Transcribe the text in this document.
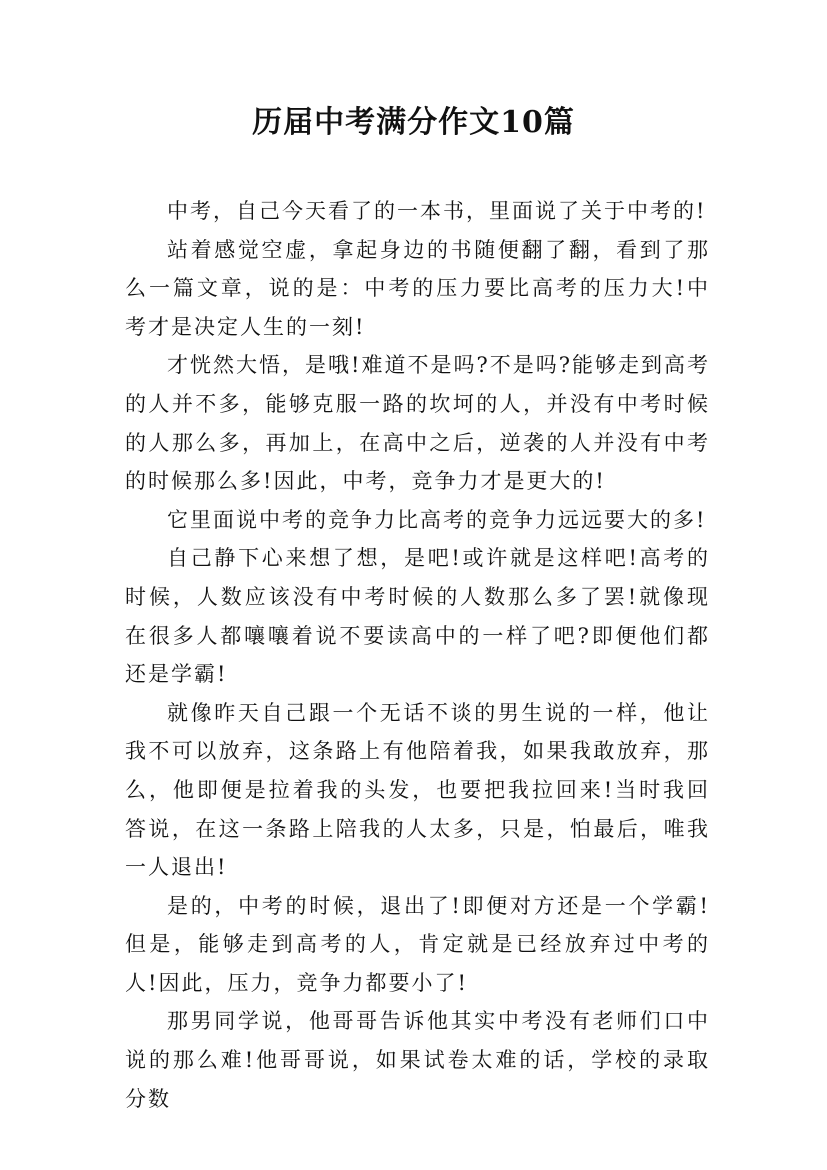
历届中考满分作文10篇

中考，自己今天看了的一本书，里面说了关于中考的!

站着感觉空虚，拿起身边的书随便翻了翻，看到了那么一篇文章，说的是：中考的压力要比高考的压力大!中考才是决定人生的一刻!

才恍然大悟，是哦!难道不是吗?不是吗?能够走到高考的人并不多，能够克服一路的坎坷的人，并没有中考时候的人那么多，再加上，在高中之后，逆袭的人并没有中考的时候那么多!因此，中考，竞争力才是更大的!

它里面说中考的竞争力比高考的竞争力远远要大的多!

自己静下心来想了想，是吧!或许就是这样吧!高考的时候，人数应该没有中考时候的人数那么多了罢!就像现在很多人都嚷嚷着说不要读高中的一样了吧?即便他们都还是学霸!

就像昨天自己跟一个无话不谈的男生说的一样，他让我不可以放弃，这条路上有他陪着我，如果我敢放弃，那么，他即便是拉着我的头发，也要把我拉回来!当时我回答说，在这一条路上陪我的人太多，只是，怕最后，唯我一人退出!

是的，中考的时候，退出了!即便对方还是一个学霸!但是，能够走到高考的人，肯定就是已经放弃过中考的人!因此，压力，竞争力都要小了!

那男同学说，他哥哥告诉他其实中考没有老师们口中说的那么难!他哥哥说，如果试卷太难的话，学校的录取分数
